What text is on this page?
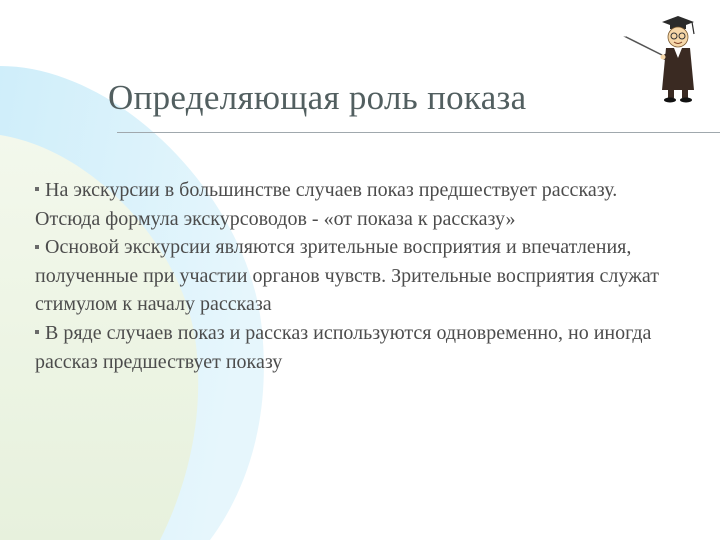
Определяющая роль показа

На экскурсии в большинстве случаев показ предшествует рассказу. Отсюда формула экскурсоводов - «от показа к рассказу»

Основой экскурсии являются зрительные восприятия и впечатления, полученные при участии органов чувств. Зрительные восприятия служат стимулом к началу рассказа

В ряде случаев показ и рассказ используются одновременно, но иногда рассказ предшествует показу
